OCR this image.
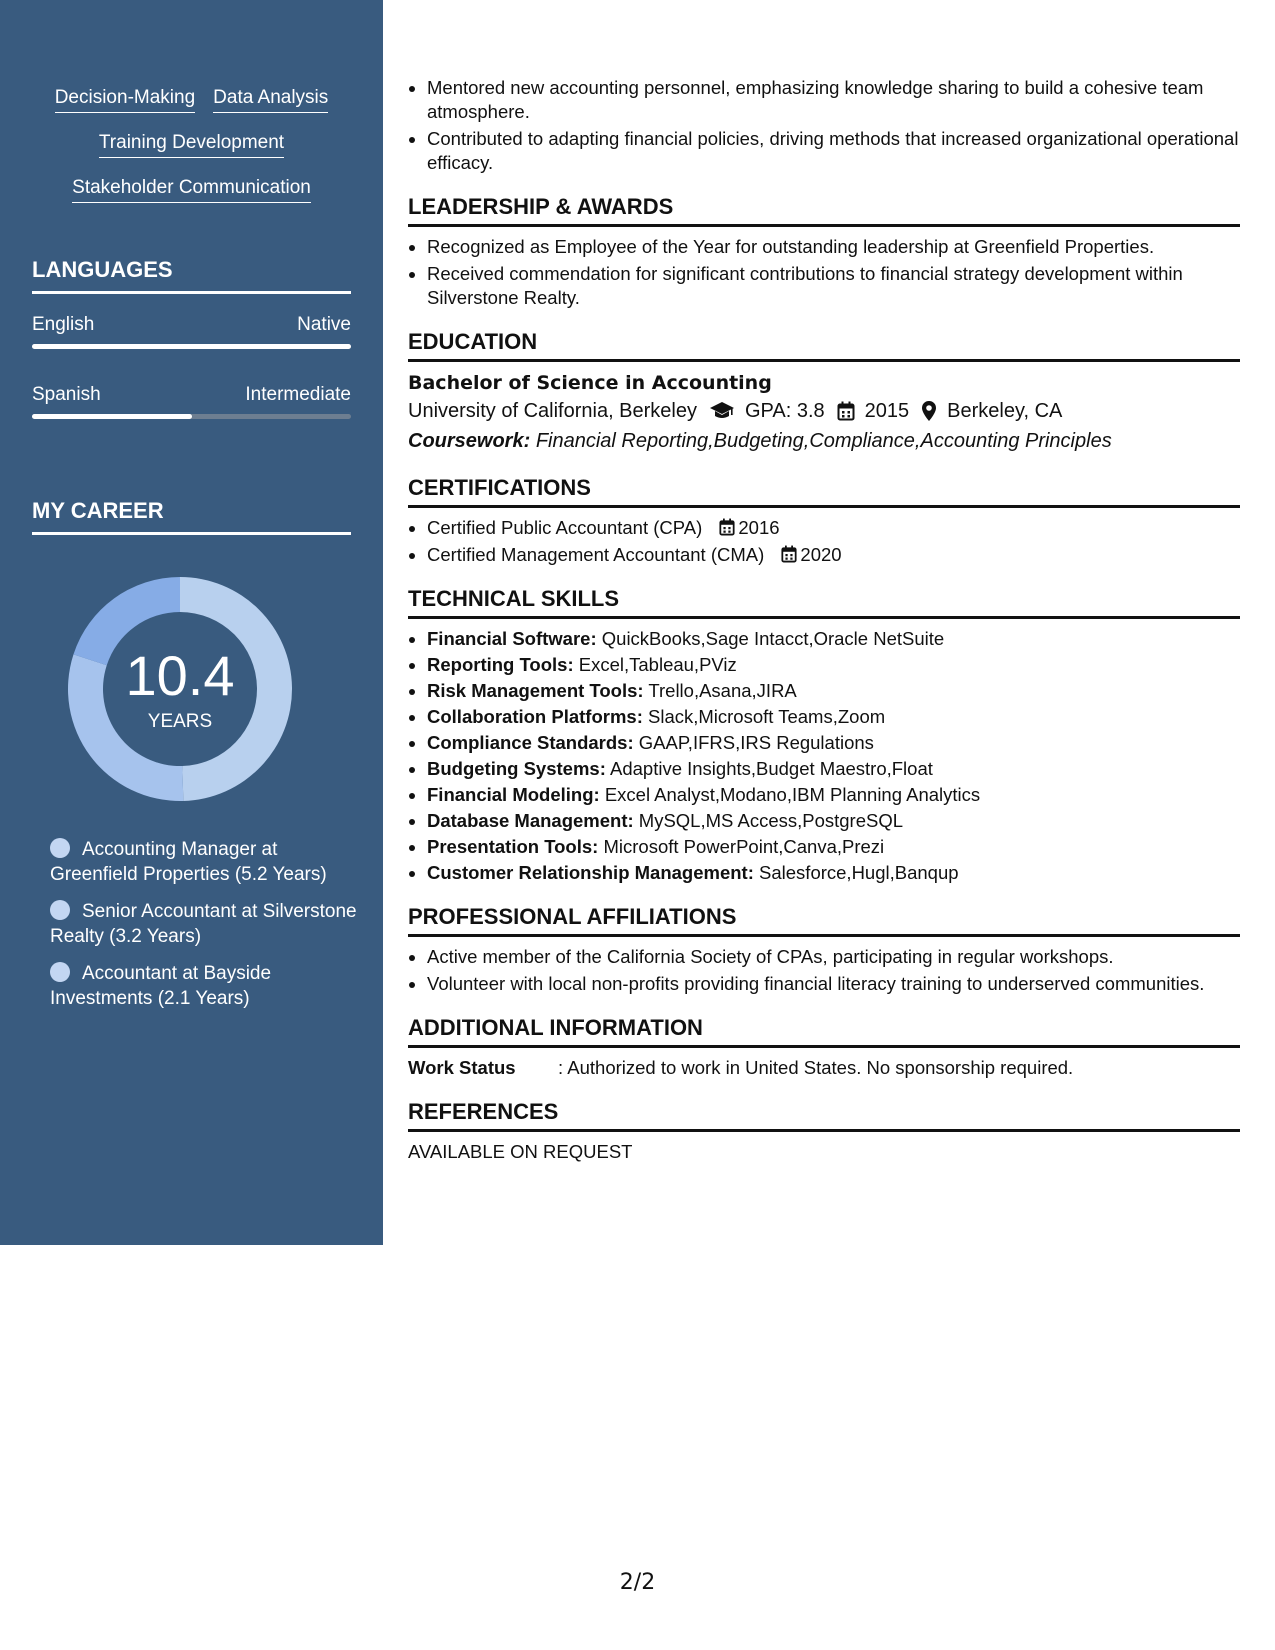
Decision-Making Data Analysis
Training Development
Stakeholder Communication
LANGUAGES
English	Native
Spanish	Intermediate
MY CAREER
10.4
YEARS
Accounting Manager at Greenfield Properties (5.2 Years)
Senior Accountant at Silverstone Realty (3.2 Years)
Accountant at Bayside Investments (2.1 Years)
• Mentored new accounting personnel, emphasizing knowledge sharing to build a cohesive team atmosphere.
• Contributed to adapting financial policies, driving methods that increased organizational operational efficacy.
LEADERSHIP & AWARDS
• Recognized as Employee of the Year for outstanding leadership at Greenfield Properties.
• Received commendation for significant contributions to financial strategy development within Silverstone Realty.
EDUCATION
Bachelor of Science in Accounting
University of California, Berkeley GPA: 3.8 2015 Berkeley, CA
Coursework: Financial Reporting,Budgeting,Compliance,Accounting Principles
CERTIFICATIONS
• Certified Public Accountant (CPA) 2016
• Certified Management Accountant (CMA) 2020
TECHNICAL SKILLS
• Financial Software: QuickBooks,Sage Intacct,Oracle NetSuite
• Reporting Tools: Excel,Tableau,PViz
• Risk Management Tools: Trello,Asana,JIRA
• Collaboration Platforms: Slack,Microsoft Teams,Zoom
• Compliance Standards: GAAP,IFRS,IRS Regulations
• Budgeting Systems: Adaptive Insights,Budget Maestro,Float
• Financial Modeling: Excel Analyst,Modano,IBM Planning Analytics
• Database Management: MySQL,MS Access,PostgreSQL
• Presentation Tools: Microsoft PowerPoint,Canva,Prezi
• Customer Relationship Management: Salesforce,Hugl,Banqup
PROFESSIONAL AFFILIATIONS
• Active member of the California Society of CPAs, participating in regular workshops.
• Volunteer with local non-profits providing financial literacy training to underserved communities.
ADDITIONAL INFORMATION
Work Status	: Authorized to work in United States. No sponsorship required.
REFERENCES
AVAILABLE ON REQUEST
2/2
